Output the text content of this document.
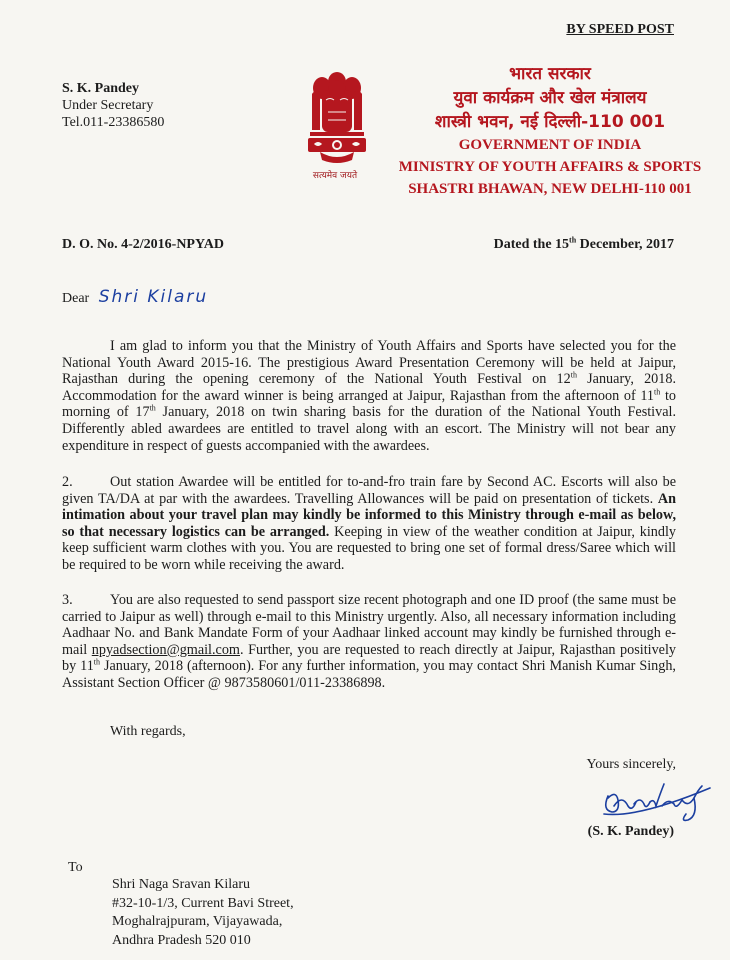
BY SPEED POST
S. K. Pandey
Under Secretary
Tel.011-23386580
सत्यमेव जयते
भारत सरकार
युवा कार्यक्रम और खेल मंत्रालय
शास्त्री भवन, नई दिल्ली-110 001
GOVERNMENT OF INDIA
MINISTRY OF YOUTH AFFAIRS & SPORTS
SHASTRI BHAWAN, NEW DELHI-110 001
D. O. No. 4-2/2016-NPYAD	Dated the 15th December, 2017
Dear Shri Kilaru
I am glad to inform you that the Ministry of Youth Affairs and Sports have selected you for the National Youth Award 2015-16. The prestigious Award Presentation Ceremony will be held at Jaipur, Rajasthan during the opening ceremony of the National Youth Festival on 12th January, 2018. Accommodation for the award winner is being arranged at Jaipur, Rajasthan from the afternoon of 11th to morning of 17th January, 2018 on twin sharing basis for the duration of the National Youth Festival. Differently abled awardees are entitled to travel along with an escort. The Ministry will not bear any expenditure in respect of guests accompanied with the awardees.
2.	Out station Awardee will be entitled for to-and-fro train fare by Second AC. Escorts will also be given TA/DA at par with the awardees. Travelling Allowances will be paid on presentation of tickets. An intimation about your travel plan may kindly be informed to this Ministry through e-mail as below, so that necessary logistics can be arranged. Keeping in view of the weather condition at Jaipur, kindly keep sufficient warm clothes with you. You are requested to bring one set of formal dress/Saree which will be required to be worn while receiving the award.
3.	You are also requested to send passport size recent photograph and one ID proof (the same must be carried to Jaipur as well) through e-mail to this Ministry urgently. Also, all necessary information including Aadhaar No. and Bank Mandate Form of your Aadhaar linked account may kindly be furnished through e-mail npyadsection@gmail.com. Further, you are requested to reach directly at Jaipur, Rajasthan positively by 11th January, 2018 (afternoon). For any further information, you may contact Shri Manish Kumar Singh, Assistant Section Officer @ 9873580601/011-23386898.
With regards,
Yours sincerely,
(S. K. Pandey)
To
Shri Naga Sravan Kilaru
#32-10-1/3, Current Bavi Street,
Moghalrajpuram, Vijayawada,
Andhra Pradesh 520 010
